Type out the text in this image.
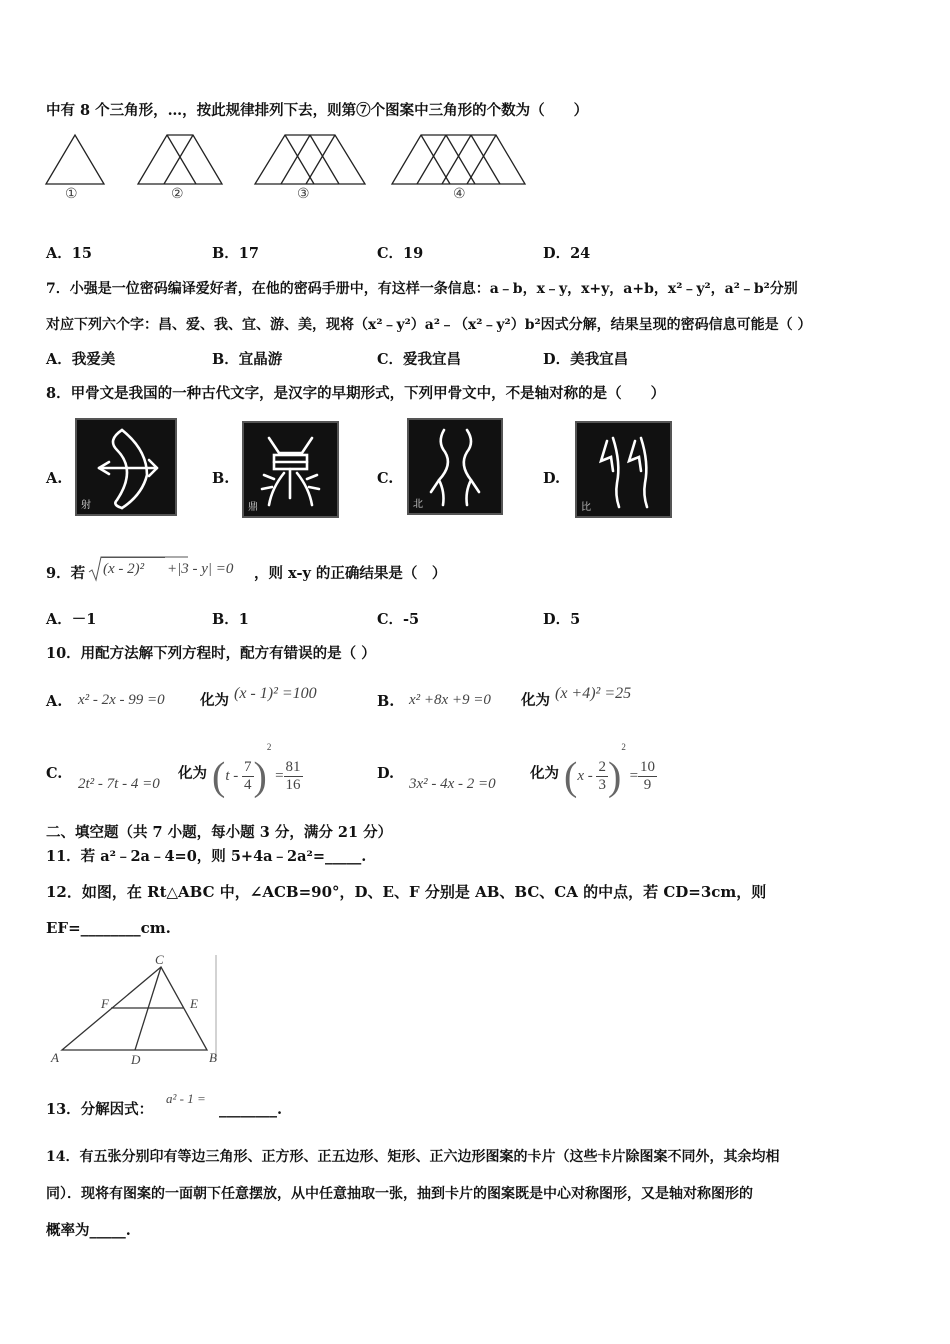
中有 8 个三角形，…，按此规律排列下去，则第⑦个图案中三角形的个数为（　　）
①	②	③	④
A．15	B．17	C．19	D．24
7．小强是一位密码编译爱好者，在他的密码手册中，有这样一条信息：a﹣b，x﹣y，x+y，a+b，x²﹣y²，a²﹣b²分别
对应下列六个字：昌、爱、我、宜、游、美，现将（x²﹣y²）a²﹣（x²﹣y²）b²因式分解，结果呈现的密码信息可能是（ ）
A．我爱美	B．宜晶游	C．爱我宜昌	D．美我宜昌
8．甲骨文是我国的一种古代文字，是汉字的早期形式，下列甲骨文中，不是轴对称的是（　　）
A.
射
B.
鼎
C.
北
D.
比
9．若 (x - 2)² +|3 - y| =0 ，则 x-y 的正确结果是（　）
A．－1	B．1	C．-5	D．5
10．用配方法解下列方程时，配方有错误的是（ ）
A. x² - 2x - 99 =0 化为 (x - 1)² =100	B. x² +8x +9 =0 化为 (x +4)² =25
C.
2t² - 7t - 4 =0
化为 $(t - \frac{7}{4} )^2 = \frac{81}{16}$	D.
3x² - 4x - 2 =0
化为 $(x - \frac{2}{3} )^2 = \frac{10}{9}$
二、填空题（共 7 小题，每小题 3 分，满分 21 分）
11．若 a²﹣2a﹣4=0，则 5+4a﹣2a²=_____.
12．如图，在 Rt△ABC 中，∠ACB=90°，D、E、F 分别是 AB、BC、CA 的中点，若 CD=3cm，则
EF=________cm.
C
F	E
A	D	B
13．分解因式：
a² - 1 =
________.
14．有五张分别印有等边三角形、正方形、正五边形、矩形、正六边形图案的卡片（这些卡片除图案不同外，其余均相
同）．现将有图案的一面朝下任意摆放，从中任意抽取一张，抽到卡片的图案既是中心对称图形，又是轴对称图形的
概率为_____.
